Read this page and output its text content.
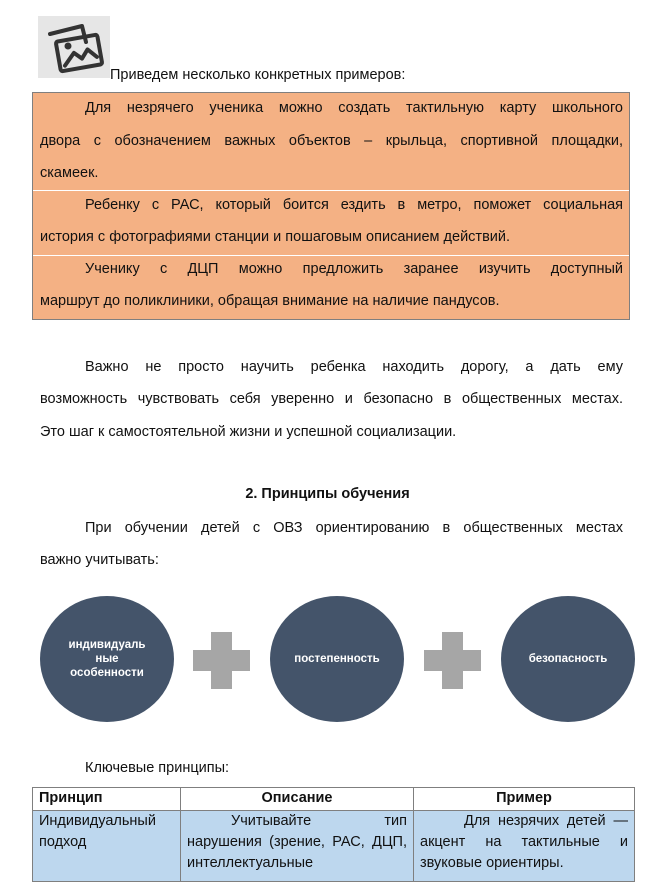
Приведем несколько конкретных примеров:
Для незрячего ученика можно создать тактильную карту школьного
двора с обозначением важных объектов – крыльца, спортивной площадки,
скамеек.
Ребенку с РАС, который боится ездить в метро, поможет социальная
история с фотографиями станции и пошаговым описанием действий.
Ученику с ДЦП можно предложить заранее изучить доступный
маршрут до поликлиники, обращая внимание на наличие пандусов.
Важно не просто научить ребенка находить дорогу, а дать ему
возможность чувствовать себя уверенно и безопасно в общественных местах.
Это шаг к самостоятельной жизни и успешной социализации.
2. Принципы обучения
При обучении детей с ОВЗ ориентированию в общественных местах
важно учитывать:
индивидуаль ные особенности
постепенность	безопасность
Ключевые принципы:
Принцип	Описание	Пример
Индивидуальный подход	Учитывайте тип нарушения (зрение, РАС, ДЦП, интеллектуальные	Для незрячих детей — акцент на тактильные и звуковые ориентиры.
